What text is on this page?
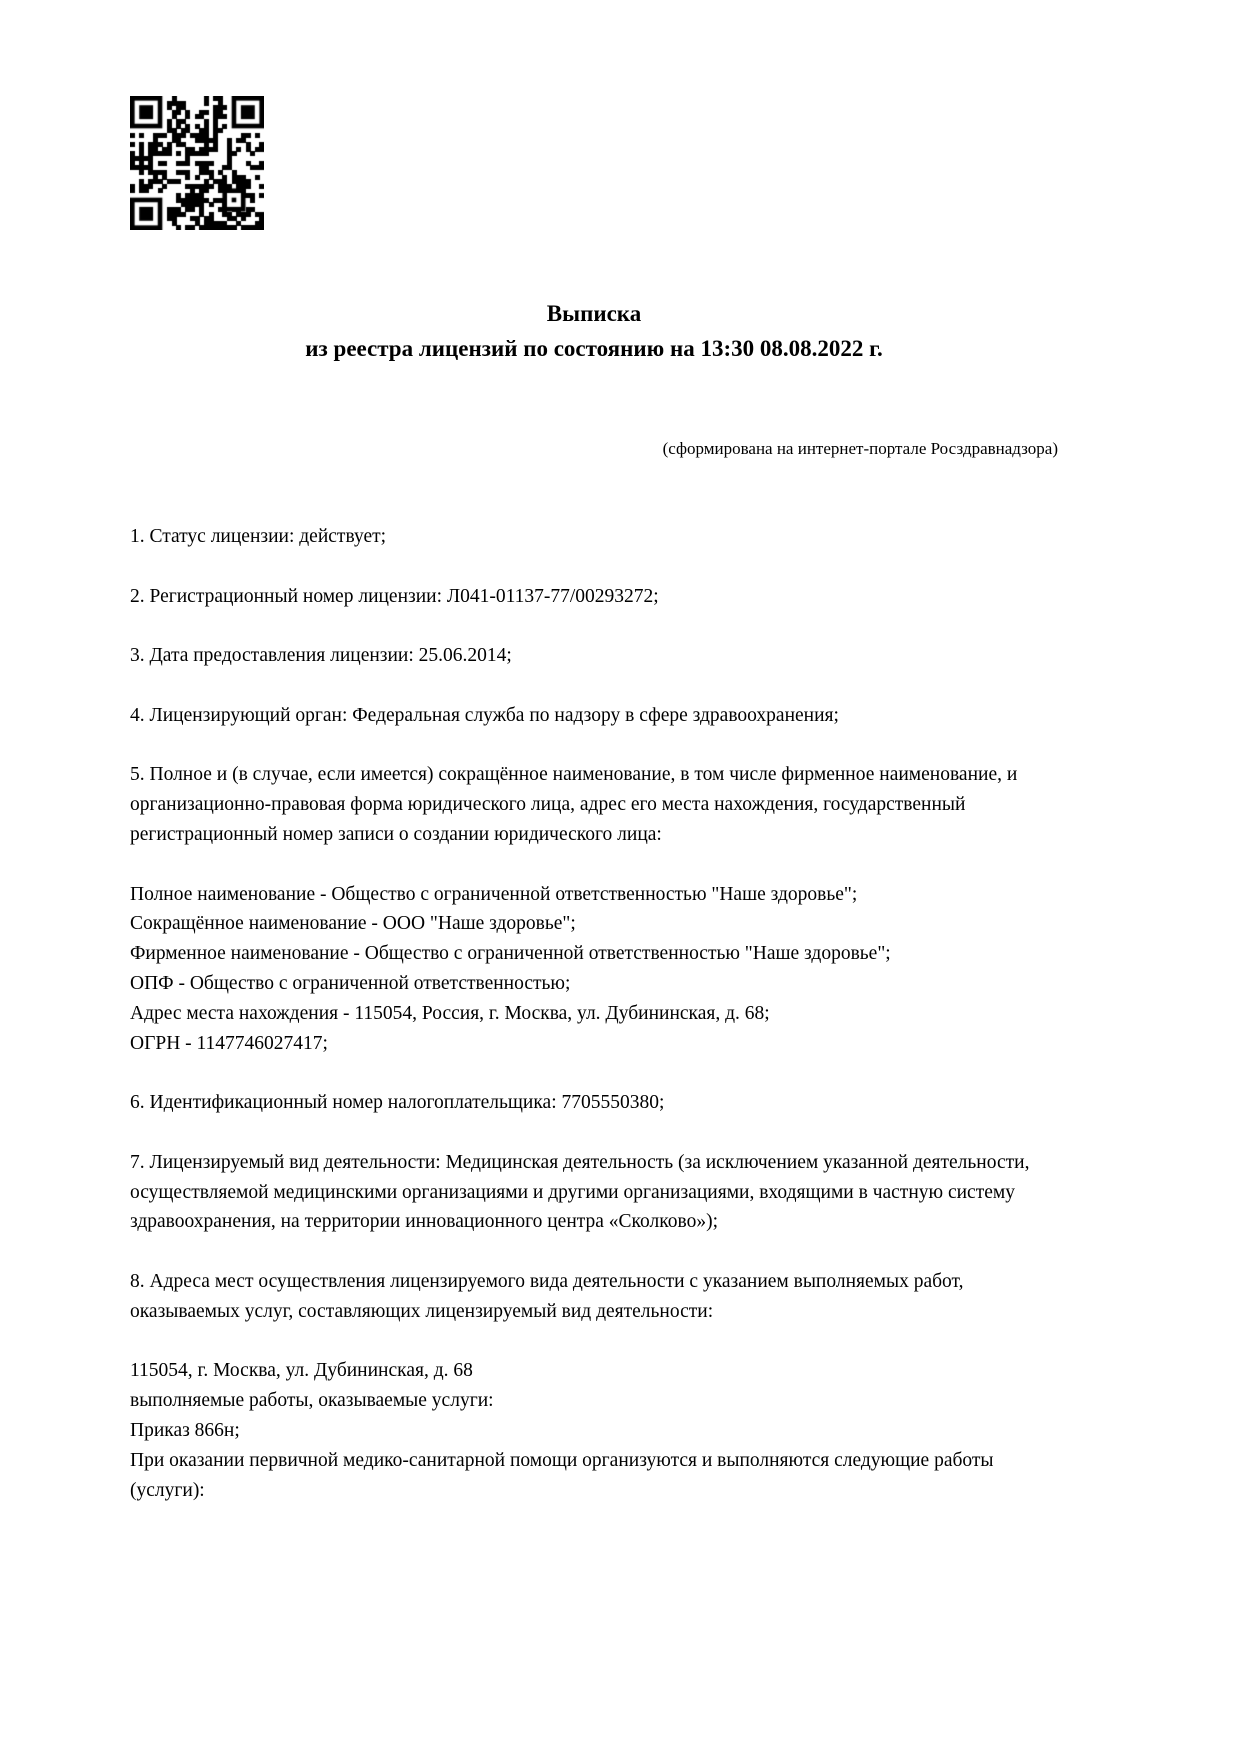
Выписка
из реестра лицензий по состоянию на 13:30 08.08.2022 г.

(сформирована на интернет-портале Росздравнадзора)

1. Статус лицензии: действует;

2. Регистрационный номер лицензии: Л041-01137-77/00293272;

3. Дата предоставления лицензии: 25.06.2014;

4. Лицензирующий орган: Федеральная служба по надзору в сфере здравоохранения;

5. Полное и (в случае, если имеется) сокращённое наименование, в том числе фирменное наименование, и организационно-правовая форма юридического лица, адрес его места нахождения, государственный регистрационный номер записи о создании юридического лица:

Полное наименование - Общество с ограниченной ответственностью "Наше здоровье";

Сокращённое наименование - ООО "Наше здоровье";

Фирменное наименование - Общество с ограниченной ответственностью "Наше здоровье";

ОПФ - Общество с ограниченной ответственностью;

Адрес места нахождения - 115054, Россия, г. Москва, ул. Дубининская, д. 68;

ОГРН - 1147746027417;

6. Идентификационный номер налогоплательщика: 7705550380;

7. Лицензируемый вид деятельности: Медицинская деятельность (за исключением указанной деятельности, осуществляемой медицинскими организациями и другими организациями, входящими в частную систему здравоохранения, на территории инновационного центра «Сколково»);

8. Адреса мест осуществления лицензируемого вида деятельности с указанием выполняемых работ, оказываемых услуг, составляющих лицензируемый вид деятельности:

115054, г. Москва, ул. Дубининская, д. 68

выполняемые работы, оказываемые услуги:

Приказ 866н;

При оказании первичной медико-санитарной помощи организуются и выполняются следующие работы (услуги):
